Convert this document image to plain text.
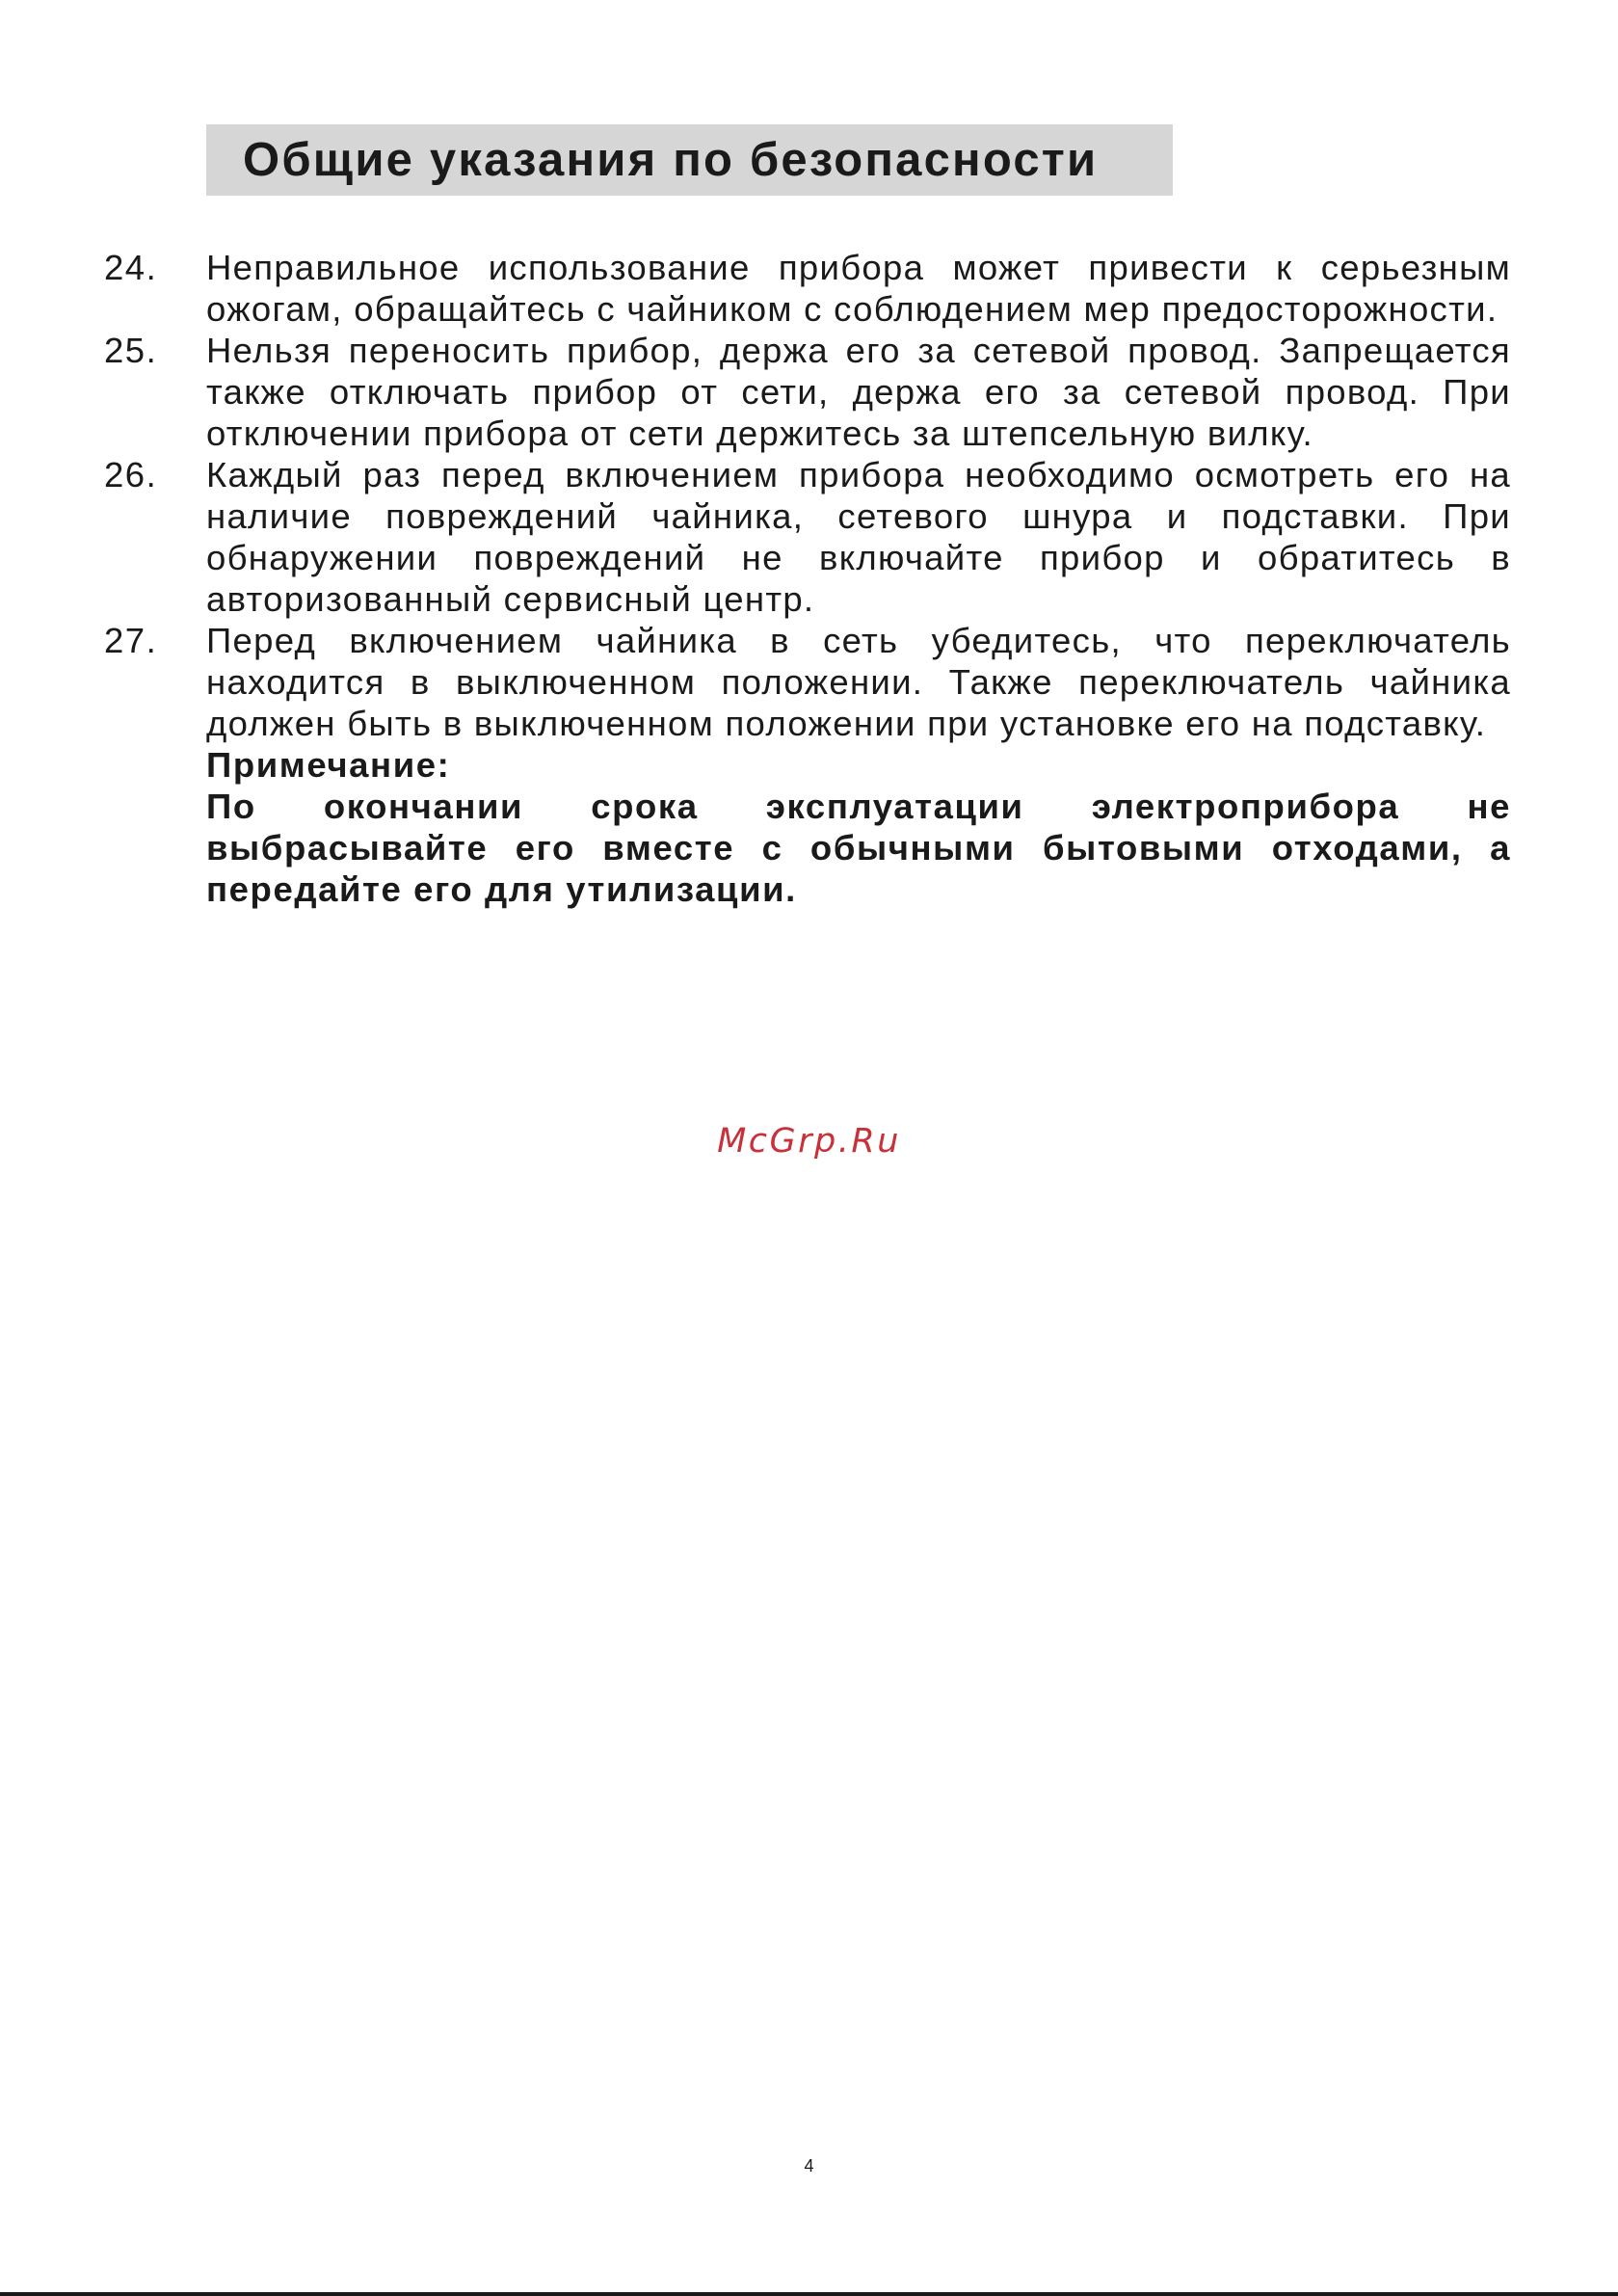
Общие указания по безопасности
24. Неправильное использование прибора может привести к серьезным ожогам, обращайтесь с чайником с соблюдением мер предосторожности.
25. Нельзя переносить прибор, держа его за сетевой провод. Запрещается также отключать прибор от сети, держа его за сетевой провод. При отключении прибора от сети держитесь за штепсельную вилку.
26. Каждый раз перед включением прибора необходимо осмотреть его на наличие повреждений чайника, сетевого шнура и подставки. При обнаружении повреждений не включайте прибор и обратитесь в авторизованный сервисный центр.
27. Перед включением чайника в сеть убедитесь, что переключатель находится в выключенном положении. Также переключатель чайника должен быть в выключенном положении при установке его на подставку.
Примечание:
По окончании срока эксплуатации электроприбора не выбрасывайте его вместе с обычными бытовыми отходами, а передайте его для утилизации.
McGrp.Ru
4
